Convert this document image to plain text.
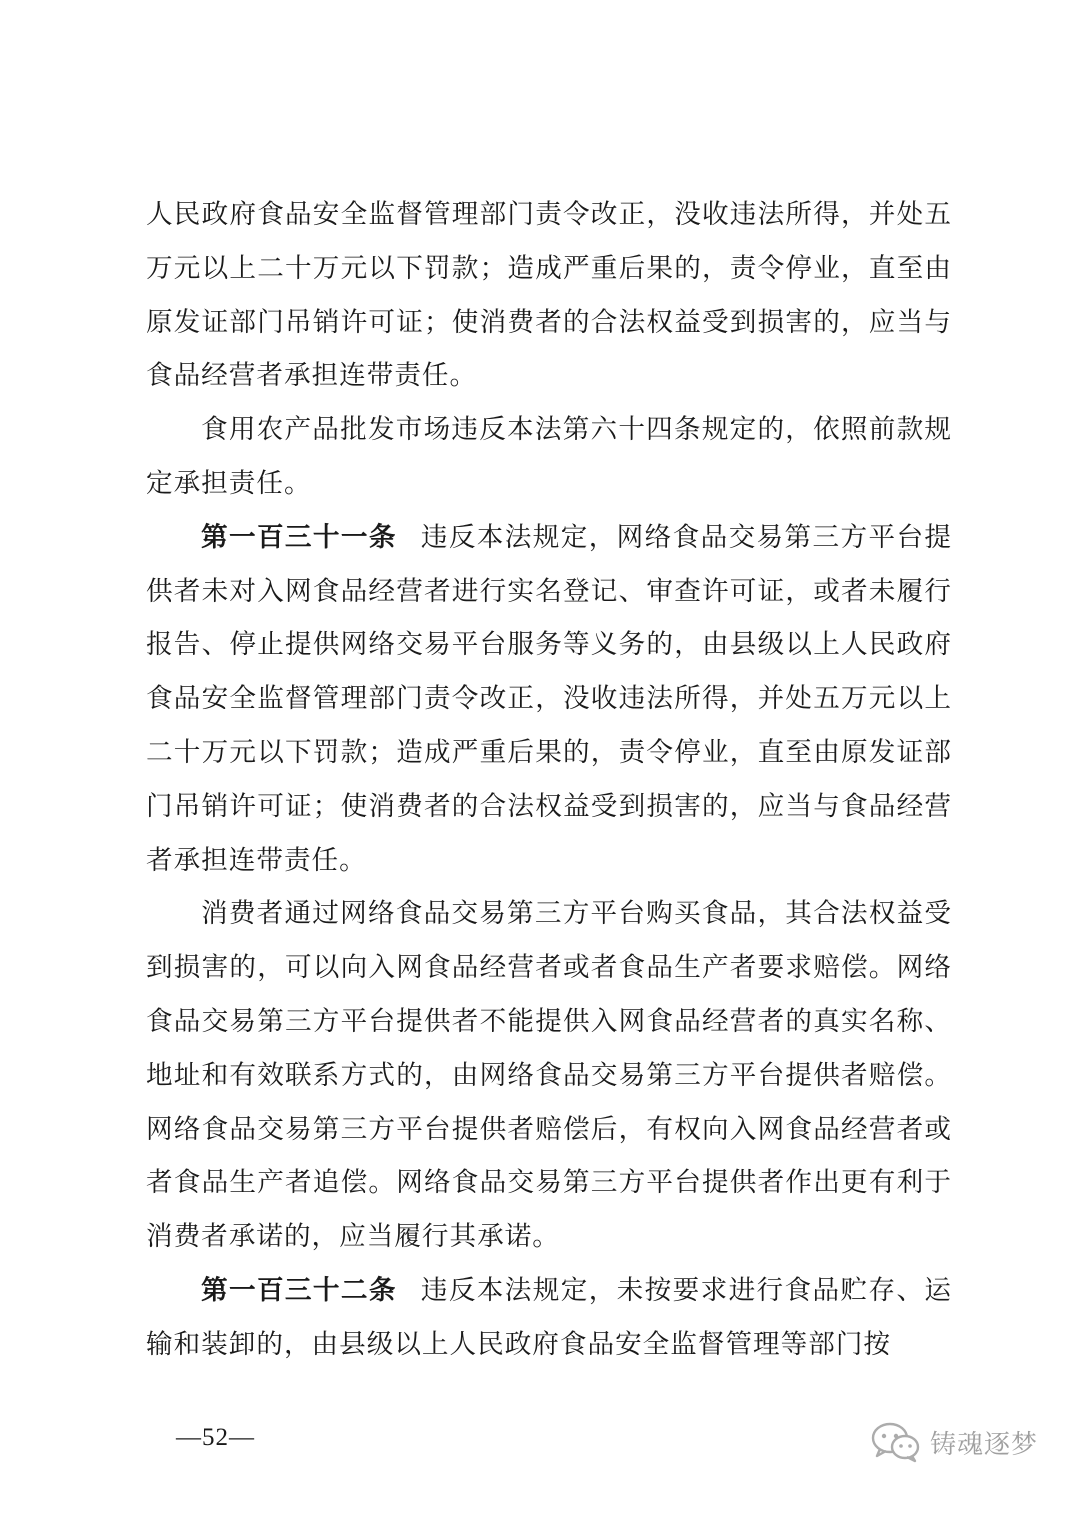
人民政府食品安全监督管理部门责令改正，没收违法所得，并处五万元以上二十万元以下罚款；造成严重后果的，责令停业，直至由原发证部门吊销许可证；使消费者的合法权益受到损害的，应当与食品经营者承担连带责任。

食用农产品批发市场违反本法第六十四条规定的，依照前款规定承担责任。

第一百三十一条 违反本法规定，网络食品交易第三方平台提供者未对入网食品经营者进行实名登记、审查许可证，或者未履行报告、停止提供网络交易平台服务等义务的，由县级以上人民政府食品安全监督管理部门责令改正，没收违法所得，并处五万元以上二十万元以下罚款；造成严重后果的，责令停业，直至由原发证部门吊销许可证；使消费者的合法权益受到损害的，应当与食品经营者承担连带责任。

消费者通过网络食品交易第三方平台购买食品，其合法权益受到损害的，可以向入网食品经营者或者食品生产者要求赔偿。网络食品交易第三方平台提供者不能提供入网食品经营者的真实名称、地址和有效联系方式的，由网络食品交易第三方平台提供者赔偿。网络食品交易第三方平台提供者赔偿后，有权向入网食品经营者或者食品生产者追偿。网络食品交易第三方平台提供者作出更有利于消费者承诺的，应当履行其承诺。

第一百三十二条 违反本法规定，未按要求进行食品贮存、运输和装卸的，由县级以上人民政府食品安全监督管理等部门按

—52—	铸魂逐梦
